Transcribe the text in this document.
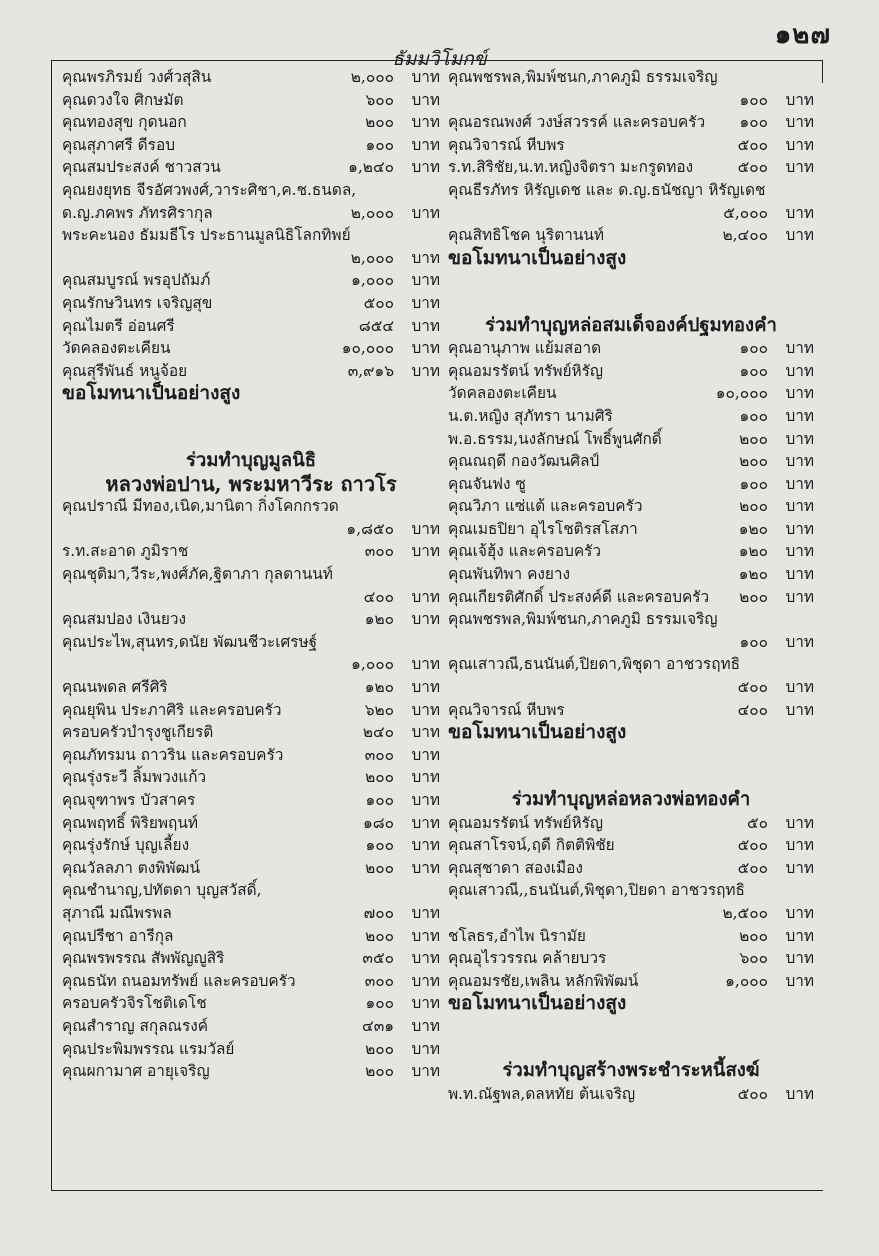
๑๒๗
ธัมมวิโมกข์
คุณพรภิรมย์ วงศ์วสุสิน	๒,๐๐๐ บาท
คุณดวงใจ ศิกษมัต	๖๐๐ บาท
คุณทองสุข กุดนอก	๒๐๐ บาท
คุณสุภาศรี ดีรอบ	๑๐๐ บาท
คุณสมประสงค์ ชาวสวน	๑,๒๔๐ บาท
คุณยงยุทธ จีรอัศวพงศ์,วาระศิชา,ค.ช.ธนดล,
ด.ญ.ภคพร ภัทรศิรากุล	๒,๐๐๐ บาท
พระคะนอง ธัมมธีโร ประธานมูลนิธิโลกทิพย์
๒,๐๐๐ บาท
คุณสมบูรณ์ พรอุปถัมภ์	๑,๐๐๐ บาท
คุณรักษวินทร เจริญสุข	๕๐๐ บาท
คุณไมตรี อ่อนศรี	๘๕๔ บาท
วัดคลองตะเคียน	๑๐,๐๐๐ บาท
คุณสุรีพันธ์ หนูจ้อย	๓,๙๑๖ บาท
ขอโมทนาเป็นอย่างสูง
ร่วมทำบุญมูลนิธิ
หลวงพ่อปาน, พระมหาวีระ ถาวโร
คุณปราณี มีทอง,เนิด,มานิตา กิ่งโคกกรวด
๑,๘๕๐ บาท
ร.ท.สะอาด ภูมิราช	๓๐๐ บาท
คุณชุติมา,วีระ,พงศ์ภัค,ฐิตาภา กุลตานนท์
๔๐๐ บาท
คุณสมปอง เงินยวง	๑๒๐ บาท
คุณประไพ,สุนทร,ดนัย พัฒนชีวะเศรษฐ์
๑,๐๐๐ บาท
คุณนพดล ศรีศิริ	๑๒๐ บาท
คุณยุพิน ประภาศิริ และครอบครัว	๖๒๐ บาท
ครอบครัวบำรุงชูเกียรติ	๒๔๐ บาท
คุณภัทรมน ถาวริน และครอบครัว	๓๐๐ บาท
คุณรุ่งระวี ลิ้มพวงแก้ว	๒๐๐ บาท
คุณจุฑาพร บัวสาคร	๑๐๐ บาท
คุณพฤทธิ์ พิริยพฤนท์	๑๘๐ บาท
คุณรุ่งรักษ์ บุญเลี้ยง	๑๐๐ บาท
คุณวัลลภา ตงพิพัฒน์	๒๐๐ บาท
คุณชำนาญ,ปทัตดา บุญสวัสดิ์,
สุภาณี มณีพรพล	๗๐๐ บาท
คุณปรีชา อารีกุล	๒๐๐ บาท
คุณพรพรรณ สัพพัญญูสิริ	๓๕๐ บาท
คุณธนัท ถนอมทรัพย์ และครอบครัว	๓๐๐ บาท
ครอบครัวจิรโชติเดโช	๑๐๐ บาท
คุณสำราญ สกุลณรงค์	๔๓๑ บาท
คุณประพิมพรรณ แรมวัลย์	๒๐๐ บาท
คุณผกามาศ อายุเจริญ	๒๐๐ บาท
คุณพชรพล,พิมพ์ชนก,ภาคภูมิ ธรรมเจริญ
๑๐๐ บาท
คุณอรณพงศ์ วงษ์สวรรค์ และครอบครัว ๑๐๐ บาท
คุณวิจารณ์ หีบพร	๕๐๐ บาท
ร.ท.สิริชัย,น.ท.หญิงจิตรา มะกรูดทอง	๕๐๐ บาท
คุณธีรภัทร หิรัญเดช และ ด.ญ.ธนัชญา หิรัญเดช
๕,๐๐๐ บาท
คุณสิทธิโชค นุริตานนท์	๒,๔๐๐ บาท
ขอโมทนาเป็นอย่างสูง
ร่วมทำบุญหล่อสมเด็จองค์ปฐมทองคำ
คุณอานุภาพ แย้มสอาด	๑๐๐ บาท
คุณอมรรัตน์ ทรัพย์หิรัญ	๑๐๐ บาท
วัดคลองตะเคียน	๑๐,๐๐๐ บาท
น.ต.หญิง สุภัทรา นามศิริ	๑๐๐ บาท
พ.อ.ธรรม,นงลักษณ์ โพธิ์พูนศักดิ์	๒๐๐ บาท
คุณณฤดี กองวัฒนศิลป์	๒๐๐ บาท
คุณจันฟง ซู	๑๐๐ บาท
คุณวิภา แซ่แต้ และครอบครัว	๒๐๐ บาท
คุณเมธปิยา อุไรโชติรสโสภา	๑๒๐ บาท
คุณเจ้ฮุ้ง และครอบครัว	๑๒๐ บาท
คุณพันทิพา คงยาง	๑๒๐ บาท
คุณเกียรติศักดิ์ ประสงค์ดี และครอบครัว ๒๐๐ บาท
คุณพชรพล,พิมพ์ชนก,ภาคภูมิ ธรรมเจริญ
๑๐๐ บาท
คุณเสาวณี,ธนนันต์,ปิยดา,พิชุดา อาชวรฤทธิ
๕๐๐ บาท
คุณวิจารณ์ หีบพร	๔๐๐ บาท
ขอโมทนาเป็นอย่างสูง
ร่วมทำบุญหล่อหลวงพ่อทองคำ
คุณอมรรัตน์ ทรัพย์หิรัญ	๕๐ บาท
คุณสาโรจน์,ฤดี กิตติพิชัย	๕๐๐ บาท
คุณสุชาดา สองเมือง	๕๐๐ บาท
คุณเสาวณี,,ธนนันต์,พิชุดา,ปิยดา อาชวรฤทธิ
๒,๕๐๐ บาท
ชโลธร,อำไพ นิรามัย	๒๐๐ บาท
คุณอุไรวรรณ คล้ายบวร	๖๐๐ บาท
คุณอมรชัย,เพลิน หลักพิพัฒน์	๑,๐๐๐ บาท
ขอโมทนาเป็นอย่างสูง
ร่วมทำบุญสร้างพระชำระหนี้สงฆ์
พ.ท.ณัฐพล,ดลหทัย ต้นเจริญ	๕๐๐ บาท
